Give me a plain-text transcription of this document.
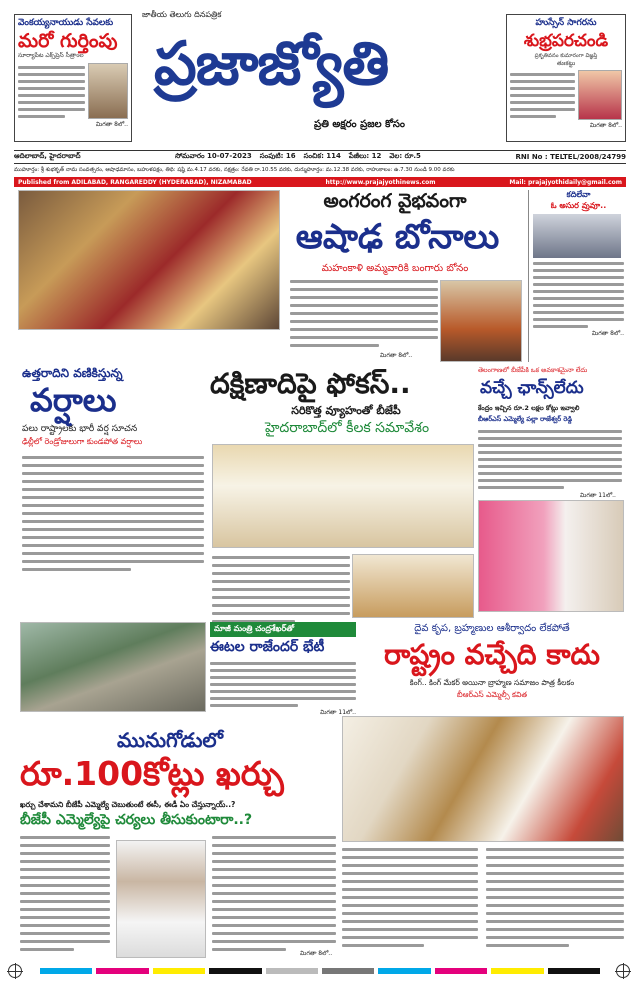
వెంకయ్యనాయుడు సేవలకు
మరో గుర్తింపు
సూర్యాపేట ఎక్స్‌ప్రెస్ సీత్రాంల
మిగతా 8లో..
జాతీయ తెలుగు దినపత్రిక
ప్రజాజ్యోతి
ప్రతి అక్షరం ప్రజల కోసం
హుస్సేన్ సాగరను
శుభ్రపరచండి
ప్రకృతివనం కుమారంగా విజ్ఞప్తి
తుఃకట్టు
మిగతా 8లో..
ఆదిలాబాద్, హైదరాబాద్	సోమవారం 10-07-2023 సంపుటి: 16 సంచిక: 114 పేజీలు: 12 వెల: రూ.5	RNI No : TELTEL/2008/24799
ముహూర్తం: శ్రీ శుభకృత్ నామ సంవత్సరం, ఆషాఢమాసం, బహుళపక్షం, తిథి: షష్ఠి మ.4.17 వరకు, నక్షత్రం: రేవతి రా.10.55 వరకు, దుర్ముహూర్తం: మ.12.38 వరకు, రాహుకాలం: ఉ.7.30 నుండి 9.00 వరకు
Published from ADILABAD, RANGAREDDY (HYDERABAD), NIZAMABAD	http://www.prajajyothinews.com	Mail: prajajyothidaily@gmail.com
అంగరంగ వైభవంగా
ఆషాఢ బోనాలు
మహంకాళి అమ్మవారికి బంగారు బోనం
మిగతా 8లో..
కదిలేవా
ఓ అసుర వ్రువూ..
మిగతా 8లో..
ఉత్తరాదిని వణికిస్తున్న
వర్షాలు
పలు రాష్ట్రాలకు భారీ వర్ష సూచన
ఢిల్లీలో రెండ్రోజులుగా కుండపోత వర్షాలు
దక్షిణాదిపై ఫోకస్..
సరికొత్త వ్యూహంతో బీజేపీ
హైదరాబాద్‌లో కీలక సమావేశం
తెలంగాణలో బీజేపీకి ఒక అవకాశమైనా లేదు
వచ్చే ఛాన్స్‌లేదు
కేంద్రం ఇచ్చిన రూ.2 లక్షల కోట్లు ఇవ్వాలి
బీఆర్‌ఎస్ ఎమ్మెల్యే పల్లా రాజేశ్వర్ రెడ్డి
మిగతా 11లో..
మాజీ మంత్రి చంద్రశేఖర్‌తో
ఈటల రాజేందర్ భేటీ
మిగతా 11లో..
దైవ కృప, బ్రహ్మణుల ఆశీర్వాదం లేకపోతే
రాష్ట్రం వచ్చేది కాదు
కింగ్.. కింగ్ మేకర్ అయినా బ్రాహ్మణ సమాజం పాత్ర కీలకం
బీఆర్‌ఎస్ ఎమ్మెల్సీ కవిత
మునుగోడులో
రూ.100కోట్లు ఖర్చు
ఖర్చు చేశామని బీజేపీ ఎమ్మెల్యే చెబుతుంటే ఈసీ, ఈడీ ఏం చేస్తున్నాయ్..?
బీజేపీ ఎమ్మెల్యేపై చర్యలు తీసుకుంటారా..?
మిగతా 8లో..
